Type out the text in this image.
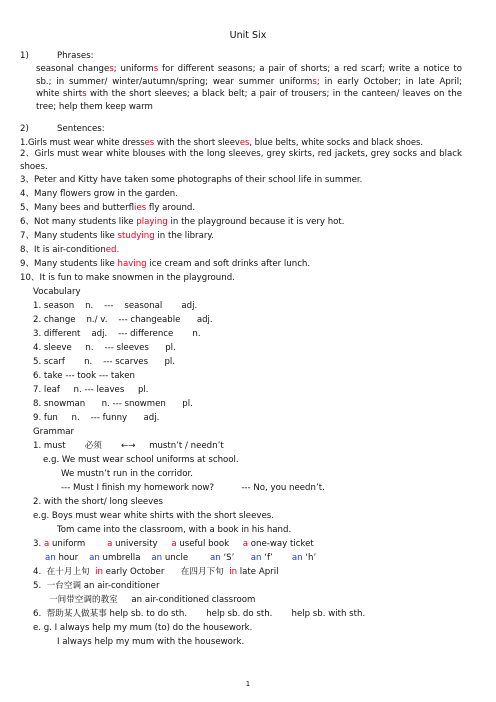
Unit Six
1)	Phrases:
seasonal changes; uniforms for different seasons; a pair of shorts; a red scarf; write a notice to sb.; in summer/ winter/autumn/spring; wear summer uniforms; in early October; in late April; white shirts with the short sleeves; a black belt; a pair of trousers; in the canteen/ leaves on the tree; help them keep warm
2)	Sentences:
1.Girls must wear white dresses with the short sleeves, blue belts, white socks and black shoes.
2、Girls must wear white blouses with the long sleeves, grey skirts, red jackets, grey socks and black shoes.
3、Peter and Kitty have taken some photographs of their school life in summer.
4、Many flowers grow in the garden.
5、Many bees and butterflies fly around.
6、Not many students like playing in the playground because it is very hot.
7、Many students like studying in the library.
8、It is air-conditioned.
9、Many students like having ice cream and soft drinks after lunch.
10、It is fun to make snowmen in the playground.
Vocabulary
1. season    n.    ---    seasonal       adj.
2. change    n./ v.    --- changeable      adj.
3. different    adj.    --- difference       n.
4. sleeve     n.    --- sleeves      pl.
5. scarf       n.    --- scarves      pl.
6. take --- took --- taken
7. leaf     n. --- leaves     pl.
8. snowman      n. --- snowmen      pl.
9. fun     n.    --- funny      adj.
Grammar
1. must       必须       ←→     mustn’t / needn’t
e.g. We must wear school uniforms at school.
We mustn’t run in the corridor.
--- Must I finish my homework now?          --- No, you needn’t.
2. with the short/ long sleeves
e.g. Boys must wear white shirts with the short sleeves.
Tom came into the classroom, with a book in his hand.
3. a uniform        a university     a useful book     a one-way ticket
an hour    an umbrella    an uncle        an ‘S’      an ‘f’       an ‘h’
4.  在十月上旬  in early October      在四月下旬  in late April
5.  一台空调 an air-conditioner
一间带空调的教室     an air-conditioned classroom
6.  帮助某人做某事 help sb. to do sth.       help sb. do sth.       help sb. with sth.
e. g. I always help my mum (to) do the housework.
I always help my mum with the housework.
1
